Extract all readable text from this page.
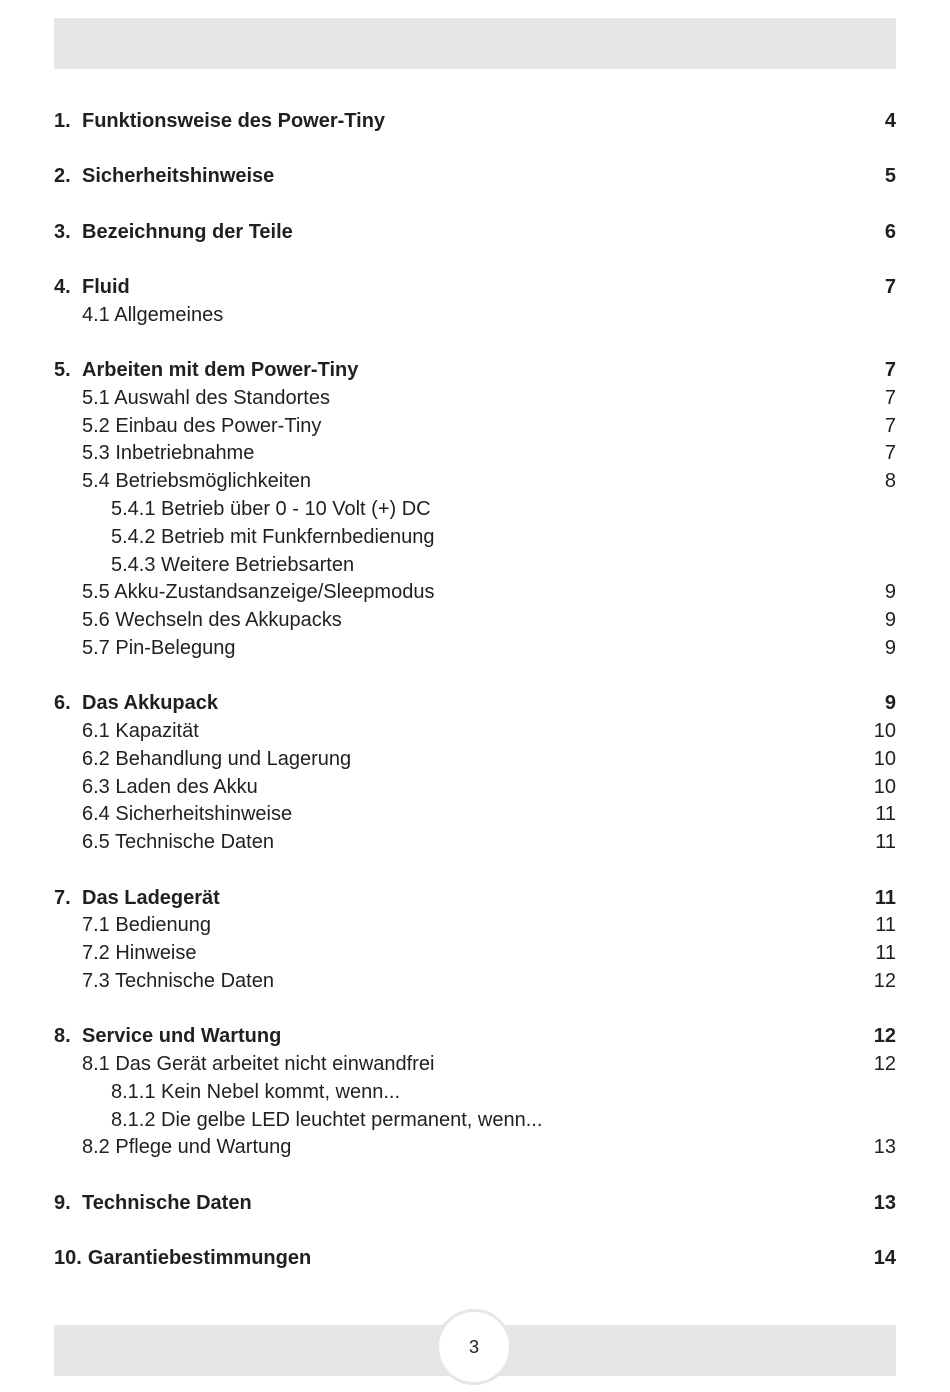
1. Funktionsweise des Power-Tiny	4
2. Sicherheitshinweise	5
3. Bezeichnung der Teile	6
4. Fluid	7
4.1 Allgemeines
5. Arbeiten mit dem Power-Tiny	7
5.1 Auswahl des Standortes	7
5.2 Einbau des Power-Tiny	7
5.3 Inbetriebnahme	7
5.4 Betriebsmöglichkeiten	8
5.4.1 Betrieb über 0 - 10 Volt (+) DC
5.4.2 Betrieb mit Funkfernbedienung
5.4.3 Weitere Betriebsarten
5.5 Akku-Zustandsanzeige/Sleepmodus	9
5.6 Wechseln des Akkupacks	9
5.7 Pin-Belegung	9
6. Das Akkupack	9
6.1 Kapazität	10
6.2 Behandlung und Lagerung	10
6.3 Laden des Akku	10
6.4 Sicherheitshinweise	11
6.5 Technische Daten	11
7. Das Ladegerät	11
7.1 Bedienung	11
7.2 Hinweise	11
7.3 Technische Daten	12
8. Service und Wartung	12
8.1 Das Gerät arbeitet nicht einwandfrei	12
8.1.1 Kein Nebel kommt, wenn...
8.1.2 Die gelbe LED leuchtet permanent, wenn...
8.2 Pflege und Wartung	13
9. Technische Daten	13
10. Garantiebestimmungen	14
3
